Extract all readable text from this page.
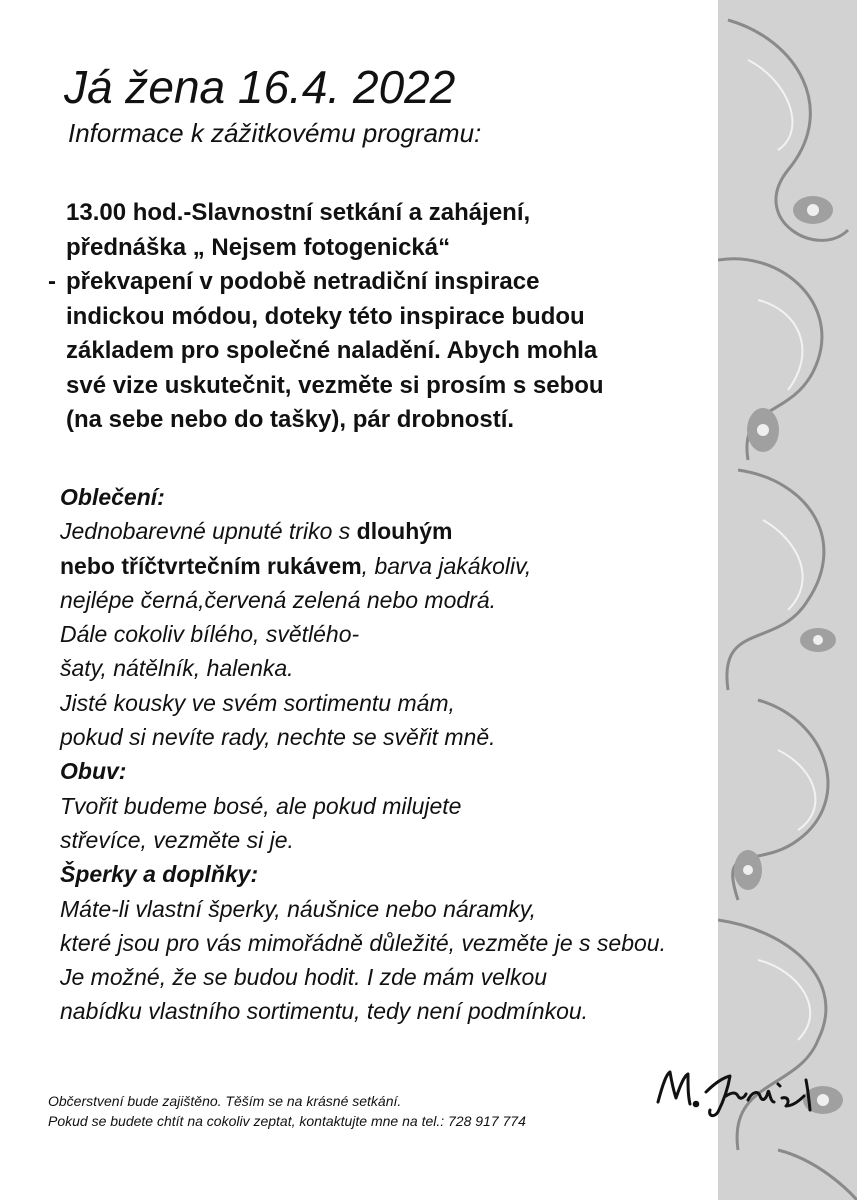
Já žena 16.4. 2022

Informace k zážitkovému programu:

13.00 hod.-Slavnostní setkání a zahájení,
přednáška „ Nejsem fotogenická“
- překvapení v podobě netradiční inspirace
indickou módou, doteky této inspirace budou
základem pro společné naladění. Abych mohla
své vize uskutečnit, vezměte si prosím s sebou
(na sebe nebo do tašky), pár drobností.
Oblečení:
Jednobarevné upnuté triko s dlouhým
nebo tříčtvrtečním rukávem, barva jakákoliv,
nejlépe černá,červená zelená nebo modrá.
Dále cokoliv bílého, světlého-
šaty, nátělník, halenka.
Jisté kousky ve svém sortimentu mám,
pokud si nevíte rady, nechte se svěřit mně.
Obuv:
Tvořit budeme bosé, ale pokud milujete
střevíce, vezměte si je.
Šperky a doplňky:
Máte-li vlastní šperky, náušnice nebo náramky,
které jsou pro vás mimořádně důležité, vezměte je s sebou.
Je možné, že se budou hodit. I zde mám velkou
nabídku vlastního sortimentu, tedy není podmínkou.
Občerstvení bude zajištěno. Těším se na krásné setkání.
Pokud se budete chtít na cokoliv zeptat, kontaktujte mne na tel.: 728 917 774
